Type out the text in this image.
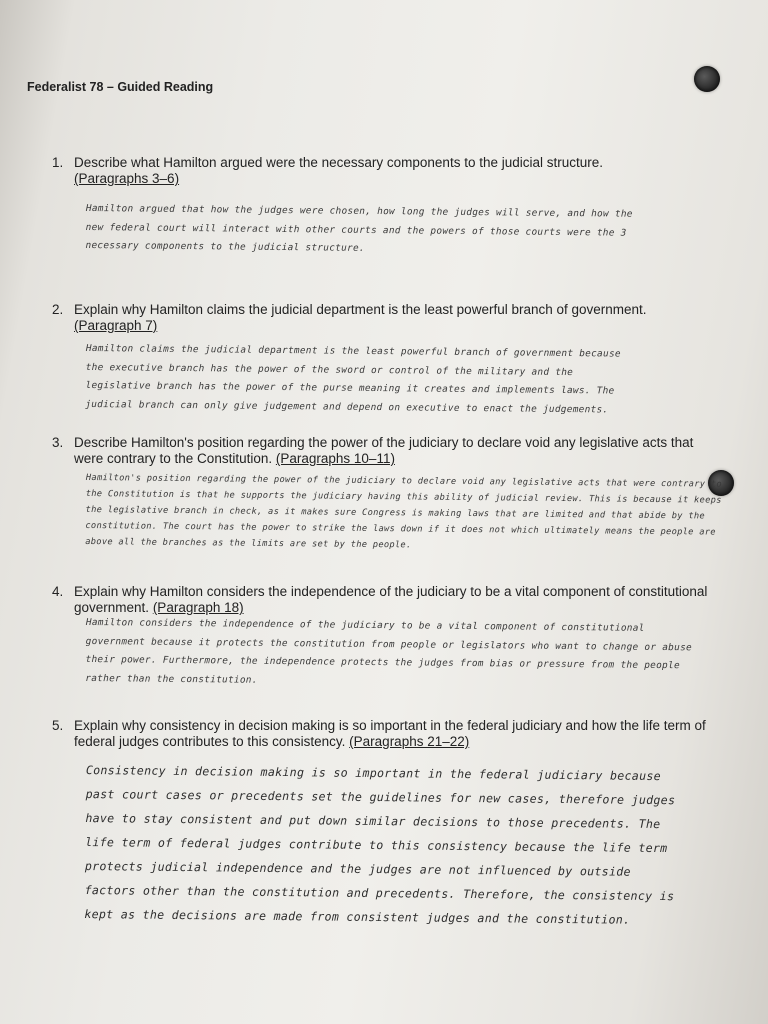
Federalist 78 – Guided Reading
1. Describe what Hamilton argued were the necessary components to the judicial structure.
(Paragraphs 3–6)
Hamilton argued that how the judges were chosen, how long the judges will serve, and how the new federal court will interact with other courts and the powers of those courts were the 3 necessary components to the judicial structure.
2. Explain why Hamilton claims the judicial department is the least powerful branch of government. (Paragraph 7)
Hamilton claims the judicial department is the least powerful branch of government because the executive branch has the power of the sword or control of the military and the legislative branch has the power of the purse meaning it creates and implements laws. The judicial branch can only give judgement and depend on executive to enact the judgements.
3. Describe Hamilton's position regarding the power of the judiciary to declare void any legislative acts that were contrary to the Constitution. (Paragraphs 10–11)
Hamilton's position regarding the power of the judiciary to declare void any legislative acts that were contrary to the Constitution is that he supports the judiciary having this ability of judicial review. This is because it keeps the legislative branch in check, as it makes sure Congress is making laws that are limited and that abide by the constitution. The court has the power to strike the laws down if it does not which ultimately means the people are above all the branches as the limits are set by the people.
4. Explain why Hamilton considers the independence of the judiciary to be a vital component of constitutional government. (Paragraph 18)
Hamilton considers the independence of the judiciary to be a vital component of constitutional government because it protects the constitution from people or legislators who want to change or abuse their power. Furthermore, the independence protects the judges from bias or pressure from the people rather than the constitution.
5. Explain why consistency in decision making is so important in the federal judiciary and how the life term of federal judges contributes to this consistency. (Paragraphs 21–22)
Consistency in decision making is so important in the federal judiciary because past court cases or precedents set the guidelines for new cases, therefore judges have to stay consistent and put down similar decisions to those precedents. The life term of federal judges contribute to this consistency because the life term protects judicial independence and the judges are not influenced by outside factors other than the constitution and precedents. Therefore, the consistency is kept as the decisions are made from consistent judges and the constitution.
